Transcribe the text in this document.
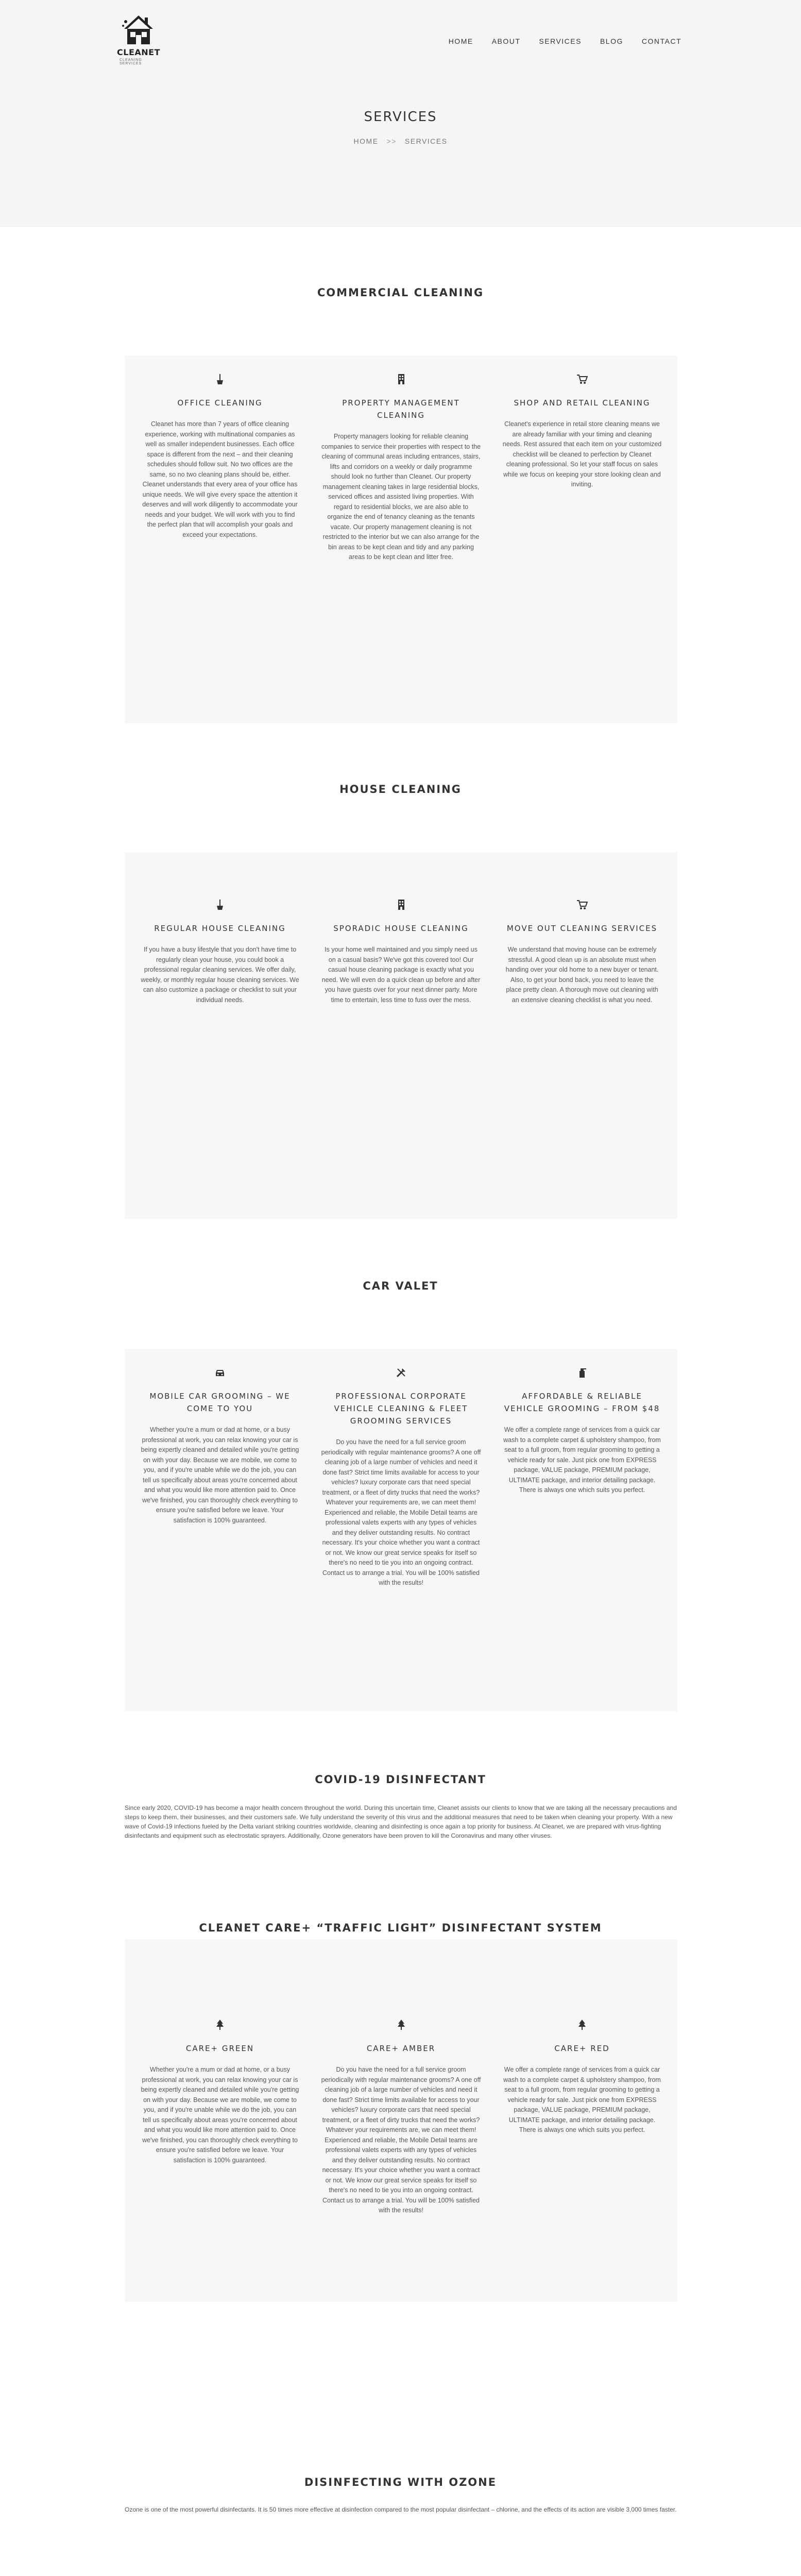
CLEANET
CLEANING SERVICES
HOME	ABOUT	SERVICES	BLOG	CONTACT
SERVICES
HOME >> SERVICES
COMMERCIAL CLEANING
OFFICE CLEANING

Cleanet has more than 7 years of office cleaning experience, working with multinational companies as well as smaller independent businesses. Each office space is different from the next – and their cleaning schedules should follow suit. No two offices are the same, so no two cleaning plans should be, either. Cleanet understands that every area of your office has unique needs. We will give every space the attention it deserves and will work diligently to accommodate your needs and your budget. We will work with you to find the perfect plan that will accomplish your goals and exceed your expectations.

PROPERTY MANAGEMENT CLEANING

Property managers looking for reliable cleaning companies to service their properties with respect to the cleaning of communal areas including entrances, stairs, lifts and corridors on a weekly or daily programme should look no further than Cleanet. Our property management cleaning takes in large residential blocks, serviced offices and assisted living properties. With regard to residential blocks, we are also able to organize the end of tenancy cleaning as the tenants vacate. Our property management cleaning is not restricted to the interior but we can also arrange for the bin areas to be kept clean and tidy and any parking areas to be kept clean and litter free.

SHOP AND RETAIL CLEANING

Cleanet's experience in retail store cleaning means we are already familiar with your timing and cleaning needs. Rest assured that each item on your customized checklist will be cleaned to perfection by Cleanet cleaning professional. So let your staff focus on sales while we focus on keeping your store looking clean and inviting.

HOUSE CLEANING
REGULAR HOUSE CLEANING

If you have a busy lifestyle that you don't have time to regularly clean your house, you could book a professional regular cleaning services. We offer daily, weekly, or monthly regular house cleaning services. We can also customize a package or checklist to suit your individual needs.

SPORADIC HOUSE CLEANING

Is your home well maintained and you simply need us on a casual basis? We've got this covered too! Our casual house cleaning package is exactly what you need. We will even do a quick clean up before and after you have guests over for your next dinner party. More time to entertain, less time to fuss over the mess.

MOVE OUT CLEANING SERVICES

We understand that moving house can be extremely stressful. A good clean up is an absolute must when handing over your old home to a new buyer or tenant. Also, to get your bond back, you need to leave the place pretty clean. A thorough move out cleaning with an extensive cleaning checklist is what you need.

CAR VALET
MOBILE CAR GROOMING – WE COME TO YOU

Whether you're a mum or dad at home, or a busy professional at work, you can relax knowing your car is being expertly cleaned and detailed while you're getting on with your day. Because we are mobile, we come to you, and if you're unable while we do the job, you can tell us specifically about areas you're concerned about and what you would like more attention paid to. Once we've finished, you can thoroughly check everything to ensure you're satisfied before we leave. Your satisfaction is 100% guaranteed.

PROFESSIONAL CORPORATE VEHICLE CLEANING & FLEET GROOMING SERVICES

Do you have the need for a full service groom periodically with regular maintenance grooms? A one off cleaning job of a large number of vehicles and need it done fast? Strict time limits available for access to your vehicles? luxury corporate cars that need special treatment, or a fleet of dirty trucks that need the works? Whatever your requirements are, we can meet them! Experienced and reliable, the Mobile Detail teams are professional valets experts with any types of vehicles and they deliver outstanding results. No contract necessary. It's your choice whether you want a contract or not. We know our great service speaks for itself so there's no need to tie you into an ongoing contract. Contact us to arrange a trial. You will be 100% satisfied with the results!

AFFORDABLE & RELIABLE VEHICLE GROOMING – FROM $48

We offer a complete range of services from a quick car wash to a complete carpet & upholstery shampoo, from seat to a full groom, from regular grooming to getting a vehicle ready for sale. Just pick one from EXPRESS package, VALUE package, PREMIUM package, ULTIMATE package, and interior detailing package. There is always one which suits you perfect.

COVID-19 DISINFECTANT

Since early 2020, COVID-19 has become a major health concern throughout the world. During this uncertain time, Cleanet assists our clients to know that we are taking all the necessary precautions and steps to keep them, their businesses, and their customers safe. We fully understand the severity of this virus and the additional measures that need to be taken when cleaning your property. With a new wave of Covid-19 infections fueled by the Delta variant striking countries worldwide, cleaning and disinfecting is once again a top priority for business. At Cleanet, we are prepared with virus-fighting disinfectants and equipment such as electrostatic sprayers. Additionally, Ozone generators have been proven to kill the Coronavirus and many other viruses.

CLEANET CARE+ “TRAFFIC LIGHT” DISINFECTANT SYSTEM
CARE+ GREEN

Whether you're a mum or dad at home, or a busy professional at work, you can relax knowing your car is being expertly cleaned and detailed while you're getting on with your day. Because we are mobile, we come to you, and if you're unable while we do the job, you can tell us specifically about areas you're concerned about and what you would like more attention paid to. Once we've finished, you can thoroughly check everything to ensure you're satisfied before we leave. Your satisfaction is 100% guaranteed.

CARE+ AMBER

Do you have the need for a full service groom periodically with regular maintenance grooms? A one off cleaning job of a large number of vehicles and need it done fast? Strict time limits available for access to your vehicles? luxury corporate cars that need special treatment, or a fleet of dirty trucks that need the works? Whatever your requirements are, we can meet them! Experienced and reliable, the Mobile Detail teams are professional valets experts with any types of vehicles and they deliver outstanding results. No contract necessary. It's your choice whether you want a contract or not. We know our great service speaks for itself so there's no need to tie you into an ongoing contract. Contact us to arrange a trial. You will be 100% satisfied with the results!

CARE+ RED

We offer a complete range of services from a quick car wash to a complete carpet & upholstery shampoo, from seat to a full groom, from regular grooming to getting a vehicle ready for sale. Just pick one from EXPRESS package, VALUE package, PREMIUM package, ULTIMATE package, and interior detailing package. There is always one which suits you perfect.

DISINFECTING WITH OZONE

Ozone is one of the most powerful disinfectants. It is 50 times more effective at disinfection compared to the most popular disinfectant – chlorine, and the effects of its action are visible 3,000 times faster.
